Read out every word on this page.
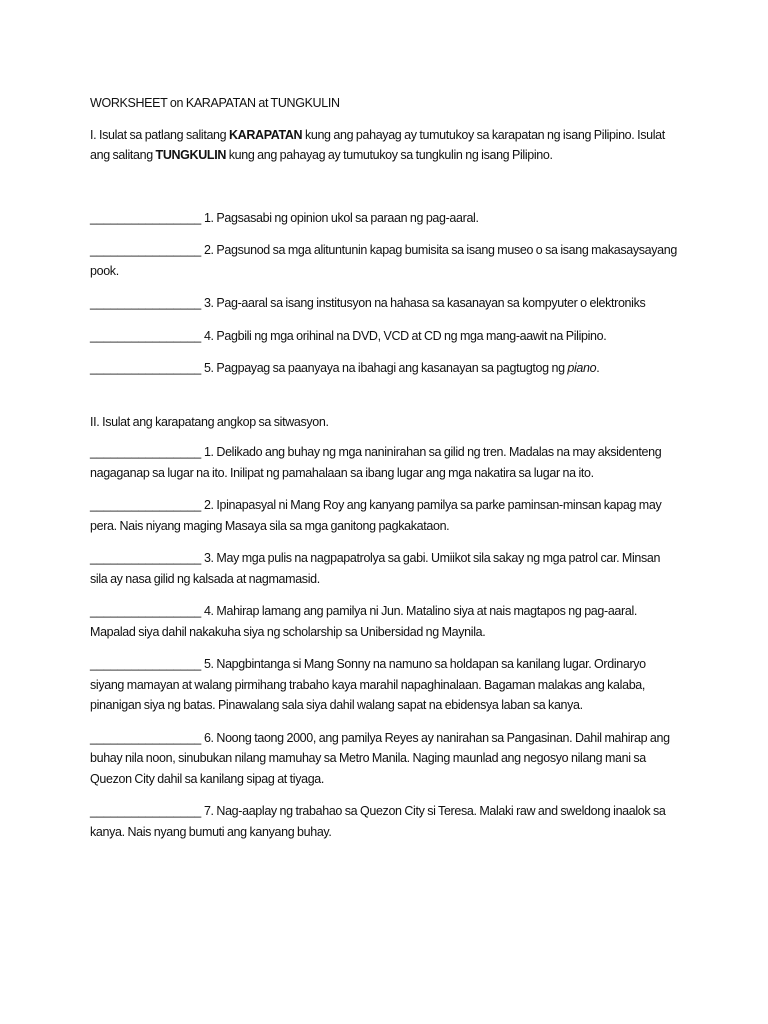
WORKSHEET on KARAPATAN at TUNGKULIN

I. Isulat sa patlang salitang KARAPATAN kung ang pahayag ay tumutukoy sa karapatan ng isang Pilipino. Isulat ang salitang TUNGKULIN kung ang pahayag ay tumutukoy sa tungkulin ng isang Pilipino.

________________ 1. Pagsasabi ng opinion ukol sa paraan ng pag-aaral.

________________ 2. Pagsunod sa mga alituntunin kapag bumisita sa isang museo o sa isang makasaysayang pook.

________________ 3. Pag-aaral sa isang institusyon na hahasa sa kasanayan sa kompyuter o elektroniks

________________ 4. Pagbili ng mga orihinal na DVD, VCD at CD ng mga mang-aawit na Pilipino.

________________ 5. Pagpayag sa paanyaya na ibahagi ang kasanayan sa pagtugtog ng piano.

II. Isulat ang karapatang angkop sa sitwasyon.

________________ 1. Delikado ang buhay ng mga naninirahan sa gilid ng tren. Madalas na may aksidenteng nagaganap sa lugar na ito. Inilipat ng pamahalaan sa ibang lugar ang mga nakatira sa lugar na ito.

________________ 2. Ipinapasyal ni Mang Roy ang kanyang pamilya sa parke paminsan-minsan kapag may pera. Nais niyang maging Masaya sila sa mga ganitong pagkakataon.

________________ 3. May mga pulis na nagpapatrolya sa gabi. Umiikot sila sakay ng mga patrol car. Minsan sila ay nasa gilid ng kalsada at nagmamasid.

________________ 4. Mahirap lamang ang pamilya ni Jun. Matalino siya at nais magtapos ng pag-aaral. Mapalad siya dahil nakakuha siya ng scholarship sa Unibersidad ng Maynila.

________________ 5. Napgbintanga si Mang Sonny na namuno sa holdapan sa kanilang lugar. Ordinaryo siyang mamayan at walang pirmihang trabaho kaya marahil napaghinalaan. Bagaman malakas ang kalaba, pinanigan siya ng batas. Pinawalang sala siya dahil walang sapat na ebidensya laban sa kanya.

________________ 6. Noong taong 2000, ang pamilya Reyes ay nanirahan sa Pangasinan. Dahil mahirap ang buhay nila noon, sinubukan nilang mamuhay sa Metro Manila. Naging maunlad ang negosyo nilang mani sa Quezon City dahil sa kanilang sipag at tiyaga.

________________ 7. Nag-aaplay ng trabahao sa Quezon City si Teresa. Malaki raw and sweldong inaalok sa kanya. Nais nyang bumuti ang kanyang buhay.
